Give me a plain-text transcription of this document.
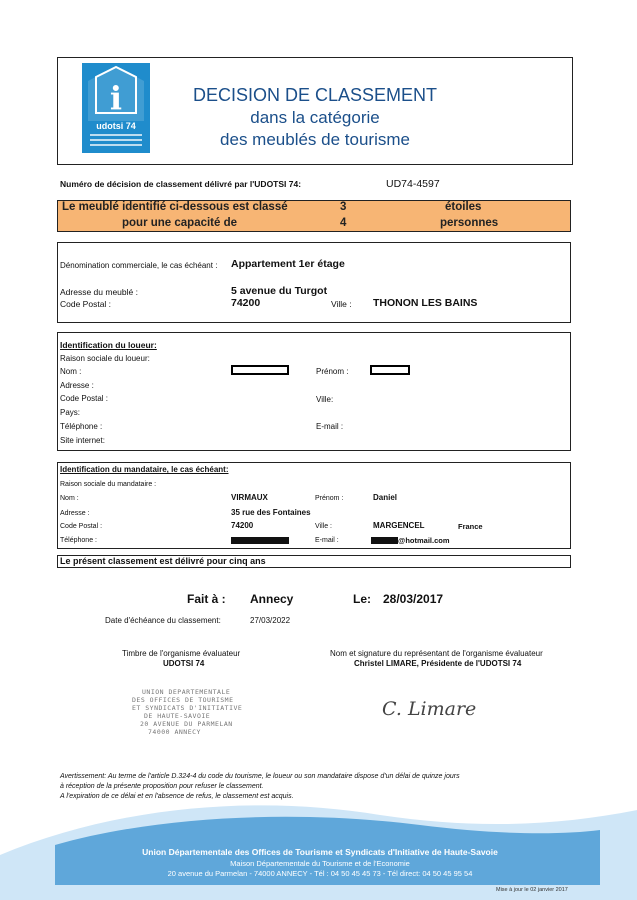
i
udotsi 74
DECISION DE CLASSEMENT
dans la catégorie
des meublés de tourisme
Numéro de décision de classement délivré par l'UDOTSI 74:	UD74-4597
Le meublé identifié ci-dessous est classé	3	étoiles
pour une capacité de	4	personnes
Dénomination commerciale, le cas échéant : Appartement 1er étage
Adresse du meublé :	5 avenue du Turgot
Code Postal :	74200	Ville : THONON LES BAINS
Identification du loueur:
Raison sociale du loueur:
Nom :	Prénom :
Adresse :
Code Postal :	Ville:
Pays:
Téléphone :	E-mail :
Site internet:
Identification du mandataire, le cas échéant:
Raison sociale du mandataire :
Nom :	VIRMAUX	Prénom :	Daniel
Adresse :	35 rue des Fontaines
Code Postal :	74200	Ville :	MARGENCEL	France
Téléphone :	E-mail :	@hotmail.com
Le présent classement est délivré pour cinq ans
Fait à : Annecy	Le: 28/03/2017
Date d'échéance du classement:	27/03/2022
Timbre de l'organisme évaluateur
UDOTSI 74
Nom et signature du représentant de l'organisme évaluateur
Christel LIMARE, Présidente de l'UDOTSI 74
UNION DEPARTEMENTALE
DES OFFICES DE TOURISME
ET SYNDICATS D'INITIATIVE
DE HAUTE-SAVOIE
20 AVENUE DU PARMELAN
74000 ANNECY
C. Limare
Avertissement: Au terme de l'article D.324-4 du code du tourisme, le loueur ou son mandataire dispose d'un délai de quinze jours
à réception de la présente proposition pour refuser le classement.
A l'expiration de ce délai et en l'absence de refus, le classement est acquis.
Union Départementale des Offices de Tourisme et Syndicats d'Initiative de Haute-Savoie
Maison Départementale du Tourisme et de l'Economie
20 avenue du Parmelan - 74000 ANNECY - Tél : 04 50 45 45 73 - Tél direct: 04 50 45 95 54
Mise à jour le 02 janvier 2017
